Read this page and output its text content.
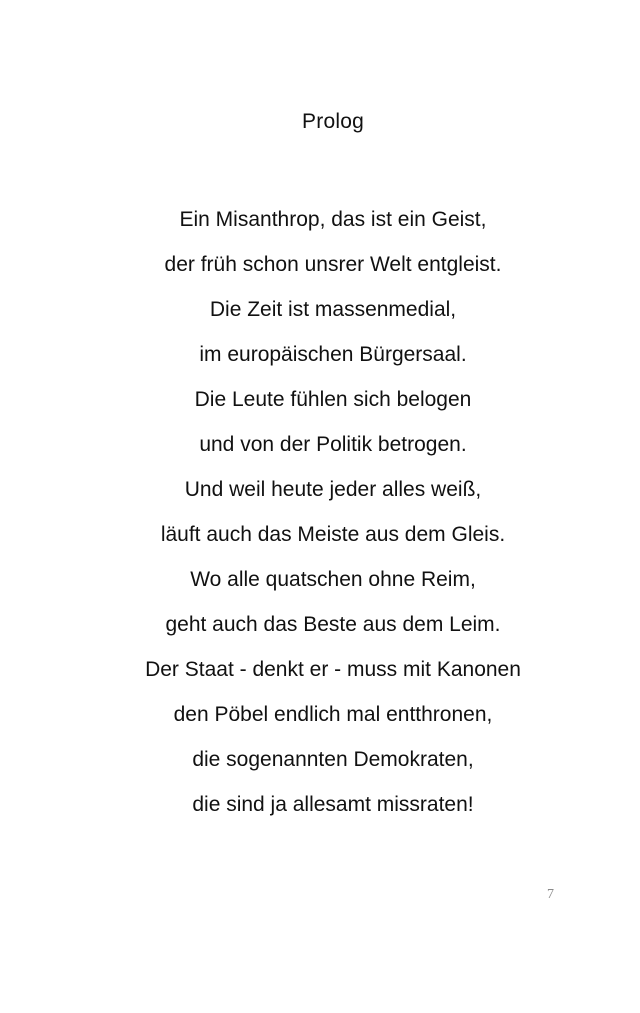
Prolog
Ein Misanthrop, das ist ein Geist,
der früh schon unsrer Welt entgleist.
Die Zeit ist massenmedial,
im europäischen Bürgersaal.
Die Leute fühlen sich belogen
und von der Politik betrogen.
Und weil heute jeder alles weiß,
läuft auch das Meiste aus dem Gleis.
Wo alle quatschen ohne Reim,
geht auch das Beste aus dem Leim.
Der Staat - denkt er - muss mit Kanonen
den Pöbel endlich mal entthronen,
die sogenannten Demokraten,
die sind ja allesamt missraten!
7
